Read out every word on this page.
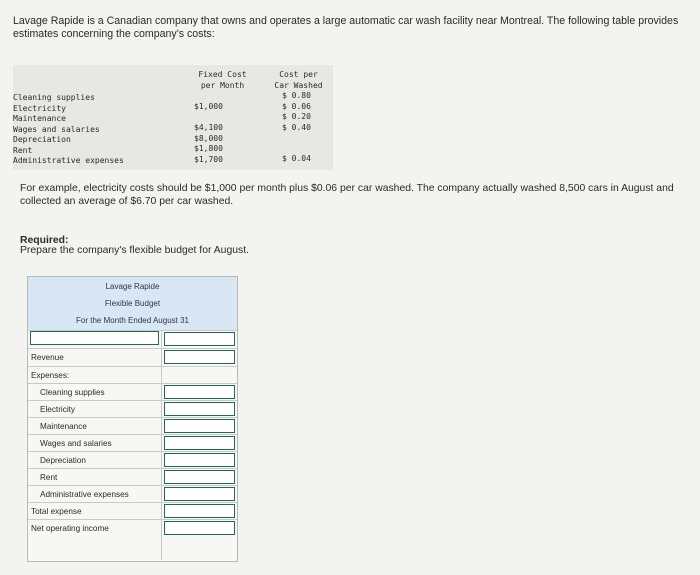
Lavage Rapide is a Canadian company that owns and operates a large automatic car wash facility near Montreal. The following table provides estimates concerning the company's costs:
Fixed Cost
per Month
Cost per
Car Washed
Cleaning supplies
Electricity
Maintenance
Wages and salaries
Depreciation
Rent
Administrative expenses
$1,000
$4,100
$8,000
$1,800
$1,700
$ 0.80
$ 0.06
$ 0.20
$ 0.40
$ 0.04
For example, electricity costs should be $1,000 per month plus $0.06 per car washed. The company actually washed 8,500 cars in August and collected an average of $6.70 per car washed.
Required:
Prepare the company's flexible budget for August.
Lavage Rapide
Flexible Budget
For the Month Ended August 31
Revenue
Expenses:
Cleaning supplies
Electricity
Maintenance
Wages and salaries
Depreciation
Rent
Administrative expenses
Total expense
Net operating income
